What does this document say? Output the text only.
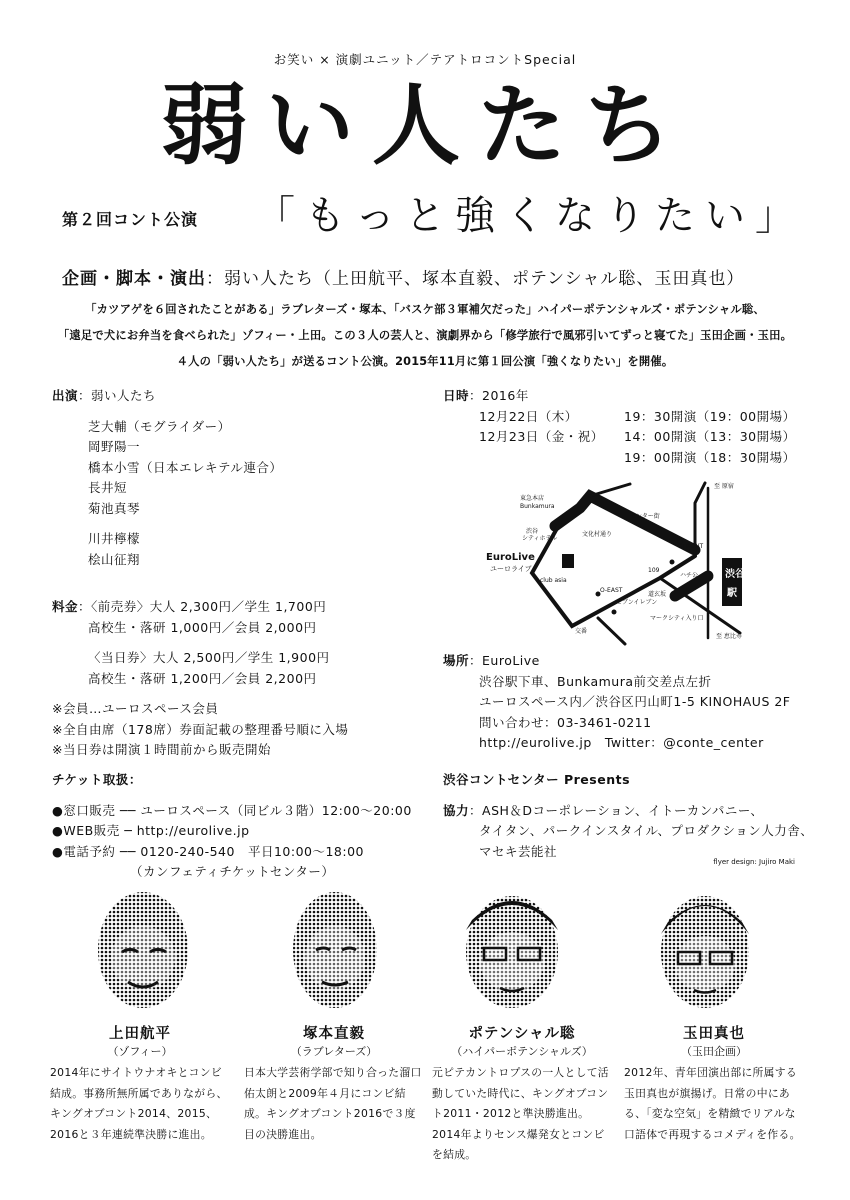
お笑い × 演劇ユニット／テアトロコントSpecial
弱い人たち
第２回コント公演 「もっと強くなりたい」
企画・脚本・演出：弱い人たち（上田航平、塚本直毅、ポテンシャル聡、玉田真也）
「カツアゲを６回されたことがある」ラブレターズ・塚本、「バスケ部３軍補欠だった」ハイパーポテンシャルズ・ポテンシャル聡、
「遠足で犬にお弁当を食べられた」ゾフィー・上田。この３人の芸人と、演劇界から「修学旅行で風邪引いてずっと寝てた」玉田企画・玉田。
４人の「弱い人たち」が送るコント公演。2015年11月に第１回公演「強くなりたい」を開催。
出演：弱い人たち
芝大輔（モグライダー）
岡野陽一
橋本小雪（日本エレキテル連合）
長井短
菊池真琴
川井檸檬
桧山征翔
料金：〈前売券〉大人 2,300円／学生 1,700円
高校生・落研 1,000円／会員 2,000円
〈当日券〉大人 2,500円／学生 1,900円
高校生・落研 1,200円／会員 2,200円
※会員…ユーロスペース会員
※全自由席（178席）券面記載の整理番号順に入場
※当日券は開演１時間前から販売開始
チケット取扱：
●窓口販売 ── ユーロスペース（同ビル３階）12:00〜20:00
●WEB販売 ─ http://eurolive.jp
●電話予約 ── 0120-240-540　平日10:00〜18:00
（カンフェティチケットセンター）
日時：2016年
12月22日（木）	19：30開演（19：00開場）
12月23日（金・祝）	14：00開演（13：30開場）
19：00開演（18：30開場）
EuroLive
ユーロライブ
東急本店
Bunkamura
渋谷
シティホテル
センター街
文化村通り
QFRONT
109
ハチ公
club asia
O-EAST
セブンイレブン
道玄坂
マークシティ入り口
交番
至 原宿
至 恵比寿
渋谷
駅
場所：EuroLive
渋谷駅下車、Bunkamura前交差点左折
ユーロスペース内／渋谷区円山町1-5 KINOHAUS 2F
問い合わせ：03-3461-0211
http://eurolive.jp　Twitter：@conte_center
渋谷コントセンター Presents
協力：ASH＆Dコーポレーション、イトーカンパニー、
タイタン、パークインスタイル、プロダクション人力舎、
マセキ芸能社
flyer design: Jujiro Maki
上田航平
（ゾフィー）
2014年にサイトウナオキとコンビ結成。事務所無所属でありながら、キングオブコント2014、2015、2016と３年連続準決勝に進出。
塚本直毅
（ラブレターズ）
日本大学芸術学部で知り合った溜口佑太朗と2009年４月にコンビ結成。キングオブコント2016で３度目の決勝進出。
ポテンシャル聡
（ハイパーポテンシャルズ）
元ピテカントロプスの一人として活動していた時代に、キングオブコント2011・2012と準決勝進出。2014年よりセンス爆発女とコンビを結成。
玉田真也
（玉田企画）
2012年、青年団演出部に所属する玉田真也が旗揚げ。日常の中にある、「変な空気」を精緻でリアルな口語体で再現するコメディを作る。
